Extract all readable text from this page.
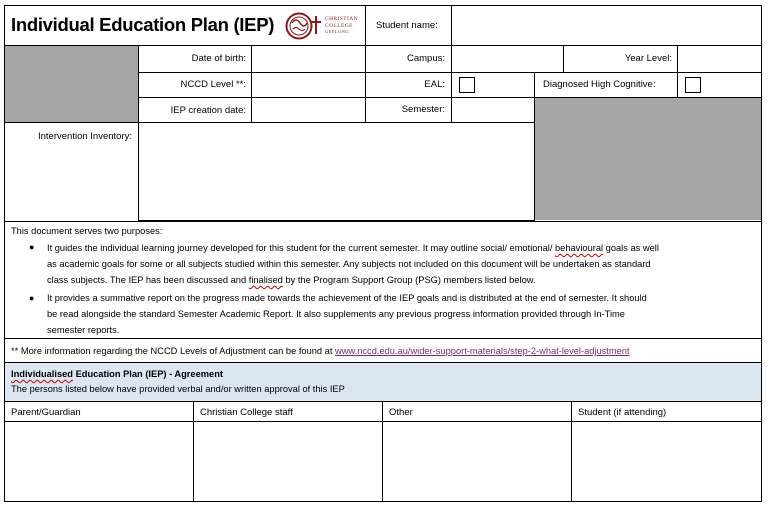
Individual Education Plan (IEP)	CHRISTIAN
COLLEGE
GEELONG
Student name:
Date of birth:	Campus:	Year Level:
NCCD Level **:	EAL:	Diagnosed High Cognitive:
IEP creation date:	Semester:
Intervention Inventory:
This document serves two purposes:
● It guides the individual learning journey developed for this student for the current semester. It may outline social/ emotional/ behavioural goals as well
as academic goals for some or all subjects studied within this semester. Any subjects not included on this document will be undertaken as standard
class subjects. The IEP has been discussed and finalised by the Program Support Group (PSG) members listed below.
● It provides a summative report on the progress made towards the achievement of the IEP goals and is distributed at the end of semester. It should
be read alongside the standard Semester Academic Report. It also supplements any previous progress information provided through In-Time
semester reports.
** More information regarding the NCCD Levels of Adjustment can be found at www.nccd.edu.au/wider-support-materials/step-2-what-level-adjustment
Individualised Education Plan (IEP) - Agreement
The persons listed below have provided verbal and/or written approval of this IEP
Parent/Guardian	Christian College staff	Other	Student (if attending)
